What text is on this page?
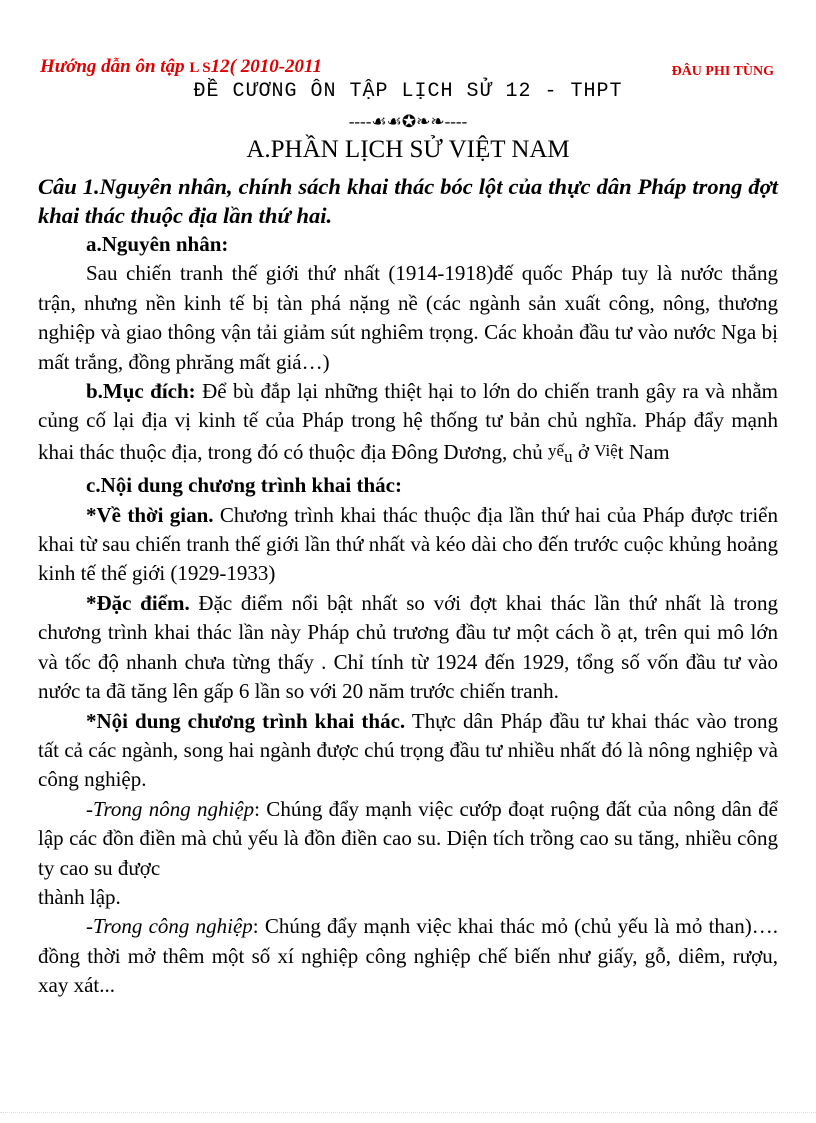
Hướng dẫn ôn tập L S12( 2010-2011	ĐÂU PHI TÙNG
ĐỀ CƯƠNG ÔN TẬP LỊCH SỬ 12 - THPT
----☙☙✪❧❧----
A.PHẦN LỊCH SỬ VIỆT NAM

Câu 1.Nguyên nhân, chính sách khai thác bóc lột của thực dân Pháp trong đợt khai thác thuộc địa lần thứ hai.

a.Nguyên nhân:

Sau chiến tranh thế giới thứ nhất (1914-1918)đế quốc Pháp tuy là nước thắng trận, nhưng nền kinh tế bị tàn phá nặng nề (các ngành sản xuất công, nông, thương nghiệp và giao thông vận tải giảm sút nghiêm trọng. Các khoản đầu tư vào nước Nga bị mất trắng, đồng phrăng mất giá…)

b.Mục đích: Để bù đắp lại những thiệt hại to lớn do chiến tranh gây ra và nhằm củng cố lại địa vị kinh tế của Pháp trong hệ thống tư bản chủ nghĩa. Pháp đẩy mạnh khai thác thuộc địa, trong đó có thuộc địa Đông Dương, chủ yếu ở Việt Nam

c.Nội dung chương trình khai thác:

*Về thời gian. Chương trình khai thác thuộc địa lần thứ hai của Pháp được triển khai từ sau chiến tranh thế giới lần thứ nhất và kéo dài cho đến trước cuộc khủng hoảng kinh tế thế giới (1929-1933)

*Đặc điểm. Đặc điểm nổi bật nhất so với đợt khai thác lần thứ nhất là trong chương trình khai thác lần này Pháp chủ trương đầu tư một cách ồ ạt, trên qui mô lớn và tốc độ nhanh chưa từng thấy . Chỉ tính từ 1924 đến 1929, tổng số vốn đầu tư vào nước ta đã tăng lên gấp 6 lần so với 20 năm trước chiến tranh.

*Nội dung chương trình khai thác. Thực dân Pháp đầu tư khai thác vào trong tất cả các ngành, song hai ngành được chú trọng đầu tư nhiều nhất đó là nông nghiệp và công nghiệp.

-Trong nông nghiệp: Chúng đẩy mạnh việc cướp đoạt ruộng đất của nông dân để lập các đồn điền mà chủ yếu là đồn điền cao su. Diện tích trồng cao su tăng, nhiều công ty cao su được

thành lập.

-Trong công nghiệp: Chúng đẩy mạnh việc khai thác mỏ (chủ yếu là mỏ than)…. đồng thời mở thêm một số xí nghiệp công nghiệp chế biến như giấy, gỗ, diêm, rượu, xay xát...
